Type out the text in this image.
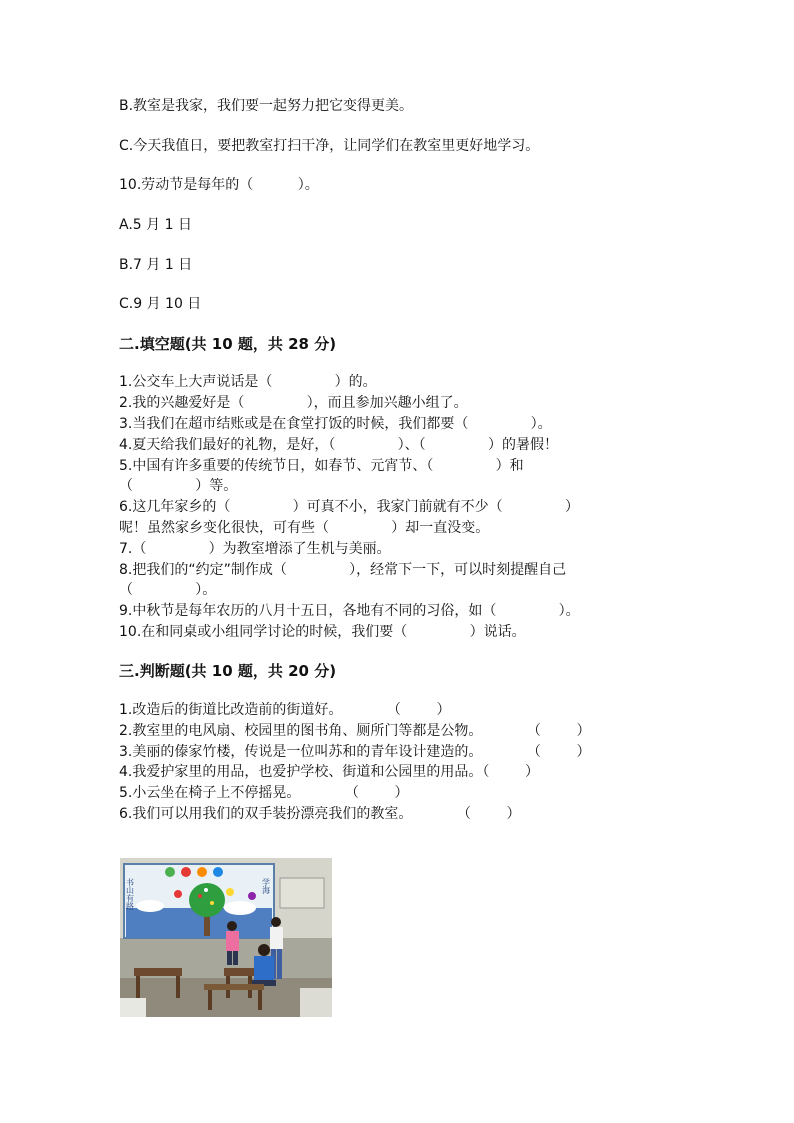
B.教室是我家，我们要一起努力把它变得更美。
C.今天我值日，要把教室打扫干净，让同学们在教室里更好地学习。
10.劳动节是每年的（          ）。
A.5 月 1 日
B.7 月 1 日
C.9 月 10 日
二.填空题(共 10 题，共 28 分)
1.公交车上大声说话是（              ）的。
2.我的兴趣爱好是（              ），而且参加兴趣小组了。
3.当我们在超市结账或是在食堂打饭的时候，我们都要（              ）。
4.夏天给我们最好的礼物，是好，（              ）、（              ）的暑假！
5.中国有许多重要的传统节日，如春节、元宵节、（              ）和
（              ）等。
6.这几年家乡的（              ）可真不小，我家门前就有不少（              ）
呢！虽然家乡变化很快，可有些（              ）却一直没变。
7.（              ）为教室增添了生机与美丽。
8.把我们的“约定”制作成（              ），经常下一下，可以时刻提醒自己
（              ）。
9.中秋节是每年农历的八月十五日，各地有不同的习俗，如（              ）。
10.在和同桌或小组同学讨论的时候，我们要（              ）说话。
三.判断题(共 10 题，共 20 分)
1.改造后的街道比改造前的街道好。          （        ）
2.教室里的电风扇、校园里的图书角、厕所门等都是公物。          （        ）
3.美丽的傣家竹楼，传说是一位叫苏和的青年设计建造的。          （        ）
4.我爱护家里的用品，也爱护学校、街道和公园里的用品。（        ）
5.小云坐在椅子上不停摇晃。          （        ）
6.我们可以用我们的双手装扮漂亮我们的教室。          （        ）
书山有路	学海
